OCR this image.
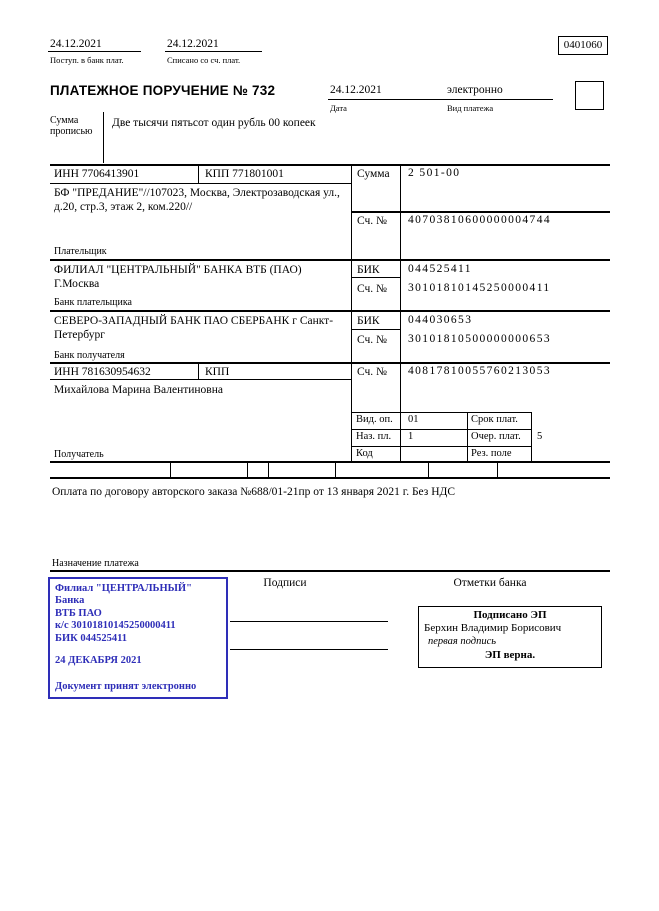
24.12.2021
Поступ. в банк плат.
24.12.2021
Списано со сч. плат.
0401060
ПЛАТЕЖНОЕ ПОРУЧЕНИЕ № 732	24.12.2021
Дата
электронно
Вид платежа
Сумма прописью
Две тысячи пятьсот один рубль 00 копеек
ИНН 7706413901	КПП 771801001	Сумма 2 501-00
БФ "ПРЕДАНИЕ"//107023, Москва, Электрозаводская ул., д.20, стр.3, этаж 2, ком.220//
Сч. № 40703810600000004744
Плательщик
ФИЛИАЛ "ЦЕНТРАЛЬНЫЙ" БАНКА ВТБ (ПАО) Г.Москва
БИК 044525411
Сч. № 30101810145250000411
Банк плательщика
СЕВЕРО-ЗАПАДНЫЙ БАНК ПАО СБЕРБАНК г Санкт-Петербург
БИК 044030653
Сч. № 30101810500000000653
Банк получателя
ИНН 781630954632	КПП	Сч. № 40817810055760213053
Михайлова Марина Валентиновна
Вид. оп. 01	Срок плат.
Наз. пл. 1	Очер. плат. 5
Код	Рез. поле
Получатель
Оплата по договору авторского заказа №688/01-21пр от 13 января 2021 г. Без НДС
Назначение платежа
Подписи	Отметки банка
Филиал "ЦЕНТРАЛЬНЫЙ" Банка
ВТБ ПАО
к/с 30101810145250000411
БИК 044525411
24 ДЕКАБРЯ 2021
Документ принят электронно
Подписано ЭП
Берхин Владимир Борисович
первая подпись
ЭП верна.
